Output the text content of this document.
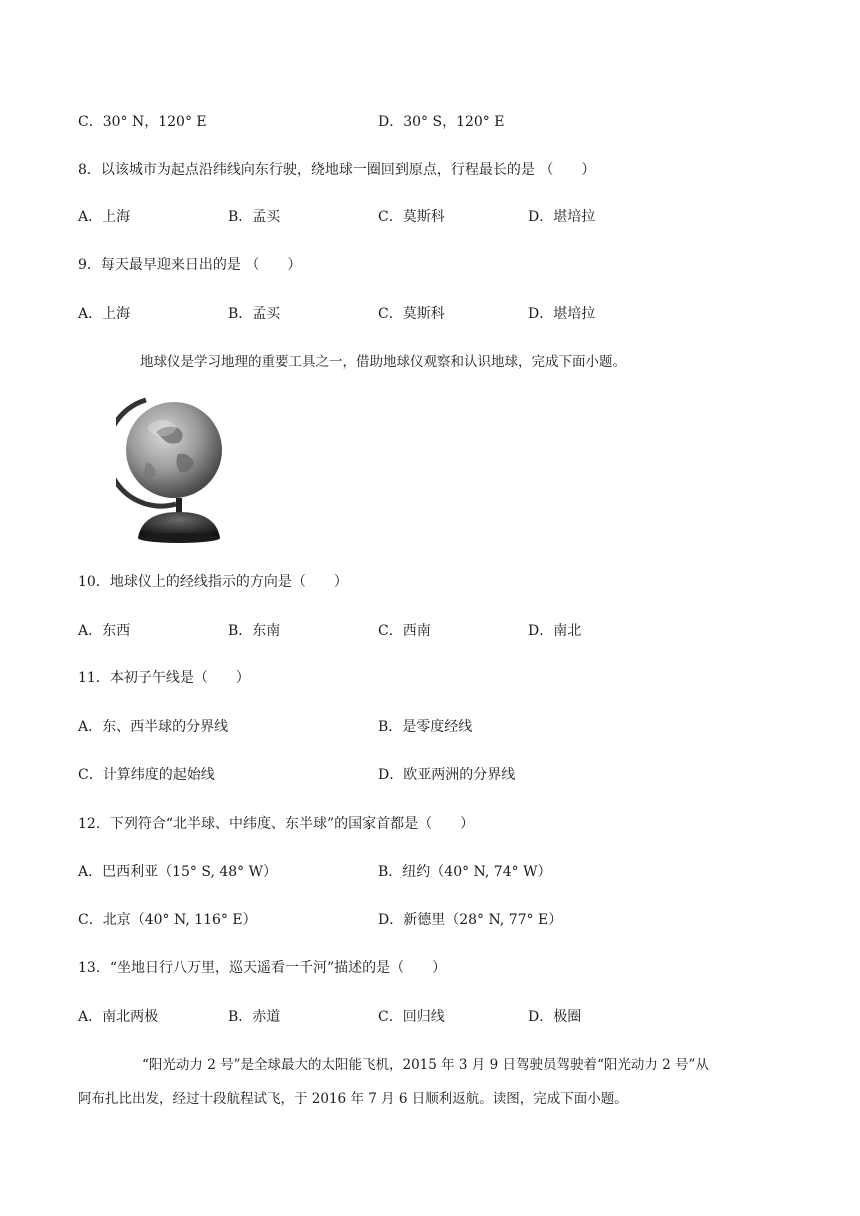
C．30° N，120° E	D．30° S，120° E
8．以该城市为起点沿纬线向东行驶，绕地球一圈回到原点，行程最长的是 （　　）
A．上海	B．孟买	C．莫斯科	D．堪培拉
9．每天最早迎来日出的是 （　　）
A．上海	B．孟买	C．莫斯科	D．堪培拉
地球仪是学习地理的重要工具之一，借助地球仪观察和认识地球，完成下面小题。
10．地球仪上的经线指示的方向是（　　）
A．东西	B．东南	C．西南	D．南北
11．本初子午线是（　　）
A．东、西半球的分界线	B．是零度经线
C．计算纬度的起始线	D．欧亚两洲的分界线
12．下列符合“北半球、中纬度、东半球”的国家首都是（　　）
A．巴西利亚（15° S, 48° W）	B．纽约（40° N, 74° W）
C．北京（40° N, 116° E）	D．新德里（28° N, 77° E）
13．“坐地日行八万里，巡天遥看一千河”描述的是（　　）
A．南北两极	B．赤道	C．回归线	D．极圈
“阳光动力 2 号”是全球最大的太阳能飞机，2015 年 3 月 9 日驾驶员驾驶着“阳光动力 2 号”从
阿布扎比出发，经过十段航程试飞，于 2016 年 7 月 6 日顺利返航。读图，完成下面小题。
